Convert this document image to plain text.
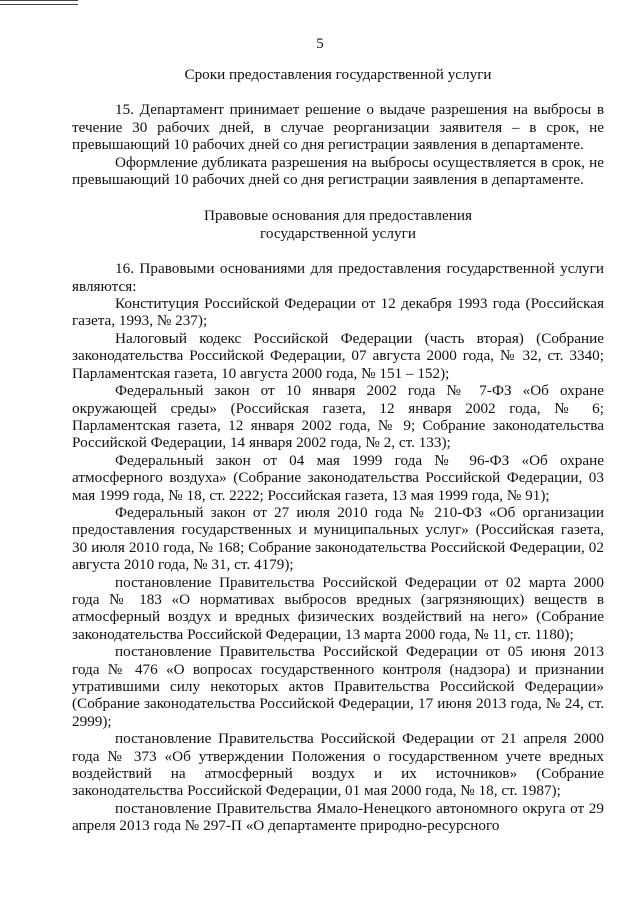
5

Сроки предоставления государственной услуги

15. Департамент принимает решение о выдаче разрешения на выбросы в течение 30 рабочих дней, в случае реорганизации заявителя – в срок, не превышающий 10 рабочих дней со дня регистрации заявления в департаменте.

Оформление дубликата разрешения на выбросы осуществляется в срок, не превышающий 10 рабочих дней со дня регистрации заявления в департаменте.

Правовые основания для предоставления

государственной услуги

16. Правовыми основаниями для предоставления государственной услуги являются:

Конституция Российской Федерации от 12 декабря 1993 года (Российская газета, 1993, № 237);

Налоговый кодекс Российской Федерации (часть вторая) (Собрание законодательства Российской Федерации, 07 августа 2000 года, № 32, ст. 3340; Парламентская газета, 10 августа 2000 года, № 151 – 152);

Федеральный закон от 10 января 2002 года № 7-ФЗ «Об охране окружающей среды» (Российская газета, 12 января 2002 года, № 6; Парламентская газета, 12 января 2002 года, № 9; Собрание законодательства Российской Федерации, 14 января 2002 года, № 2, ст. 133);

Федеральный закон от 04 мая 1999 года № 96-ФЗ «Об охране атмосферного воздуха» (Собрание законодательства Российской Федерации, 03 мая 1999 года, № 18, ст. 2222; Российская газета, 13 мая 1999 года, № 91);

Федеральный закон от 27 июля 2010 года № 210-ФЗ «Об организации предоставления государственных и муниципальных услуг» (Российская газета, 30 июля 2010 года, № 168; Собрание законодательства Российской Федерации, 02 августа 2010 года, № 31, ст. 4179);

постановление Правительства Российской Федерации от 02 марта 2000 года № 183 «О нормативах выбросов вредных (загрязняющих) веществ в атмосферный воздух и вредных физических воздействий на него» (Собрание законодательства Российской Федерации, 13 марта 2000 года, № 11, ст. 1180);

постановление Правительства Российской Федерации от 05 июня 2013 года № 476 «О вопросах государственного контроля (надзора) и признании утратившими силу некоторых актов Правительства Российской Федерации» (Собрание законодательства Российской Федерации, 17 июня 2013 года, № 24, ст. 2999);

постановление Правительства Российской Федерации от 21 апреля 2000 года № 373 «Об утверждении Положения о государственном учете вредных воздействий на атмосферный воздух и их источников» (Собрание законодательства Российской Федерации, 01 мая 2000 года, № 18, ст. 1987);

постановление Правительства Ямало-Ненецкого автономного округа от 29 апреля 2013 года № 297-П «О департаменте природно-ресурсного
